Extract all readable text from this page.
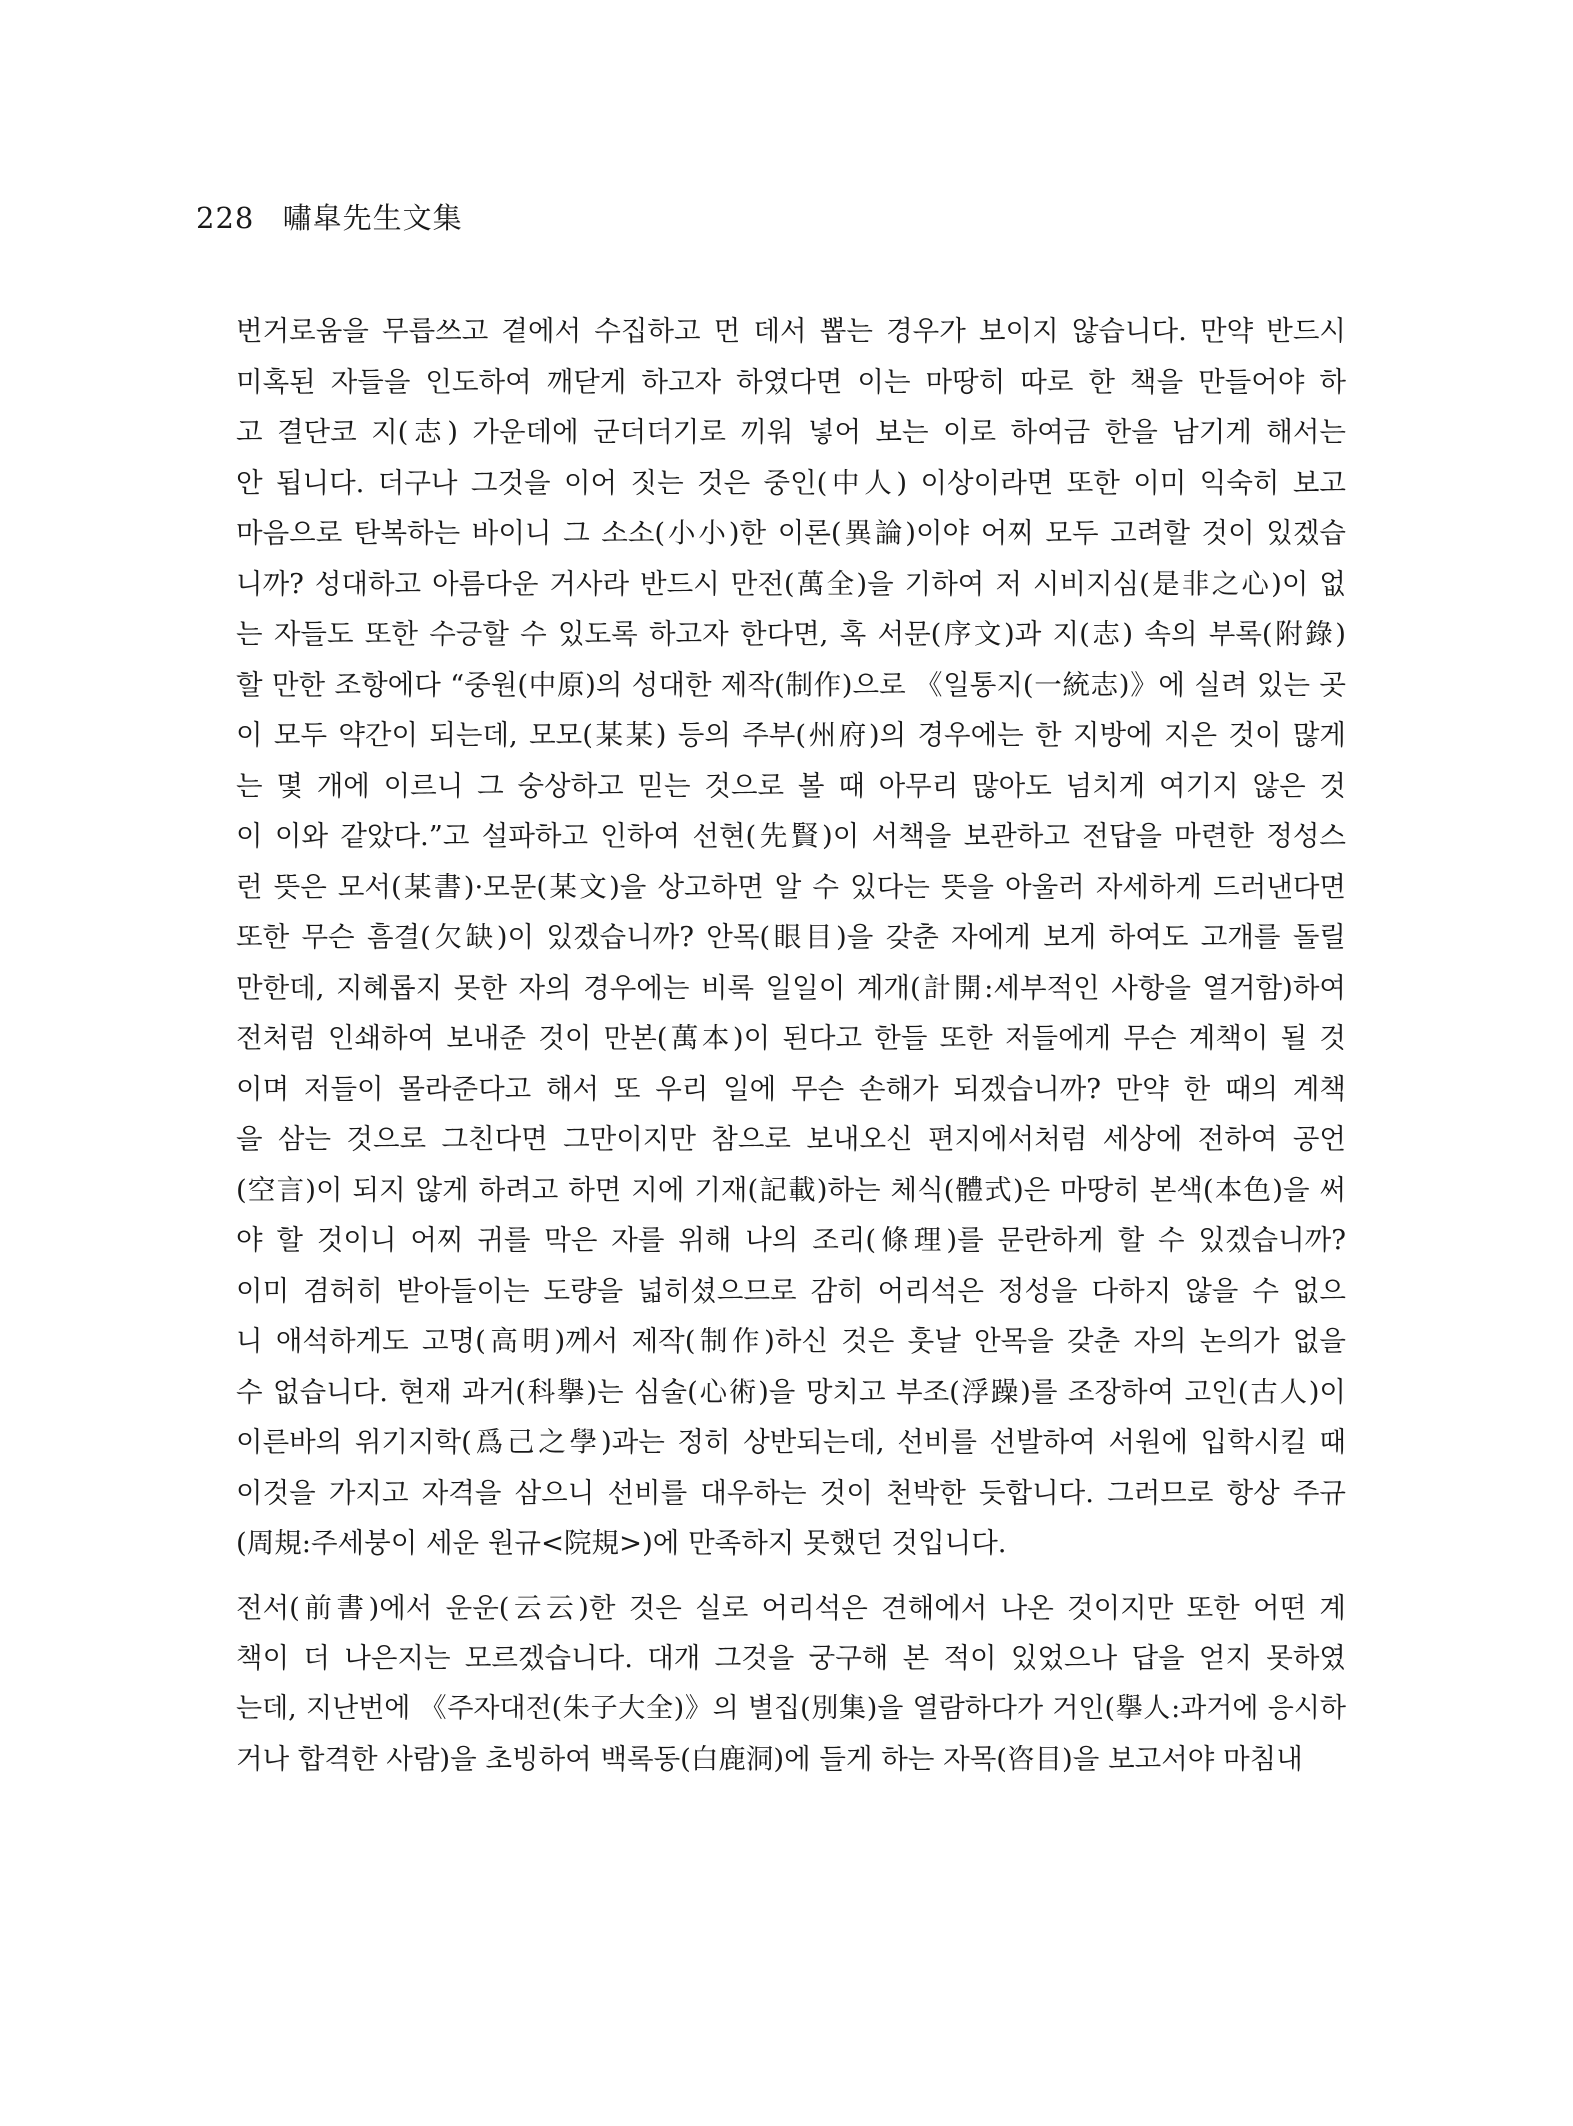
228 嘯皐先生文集
번거로움을 무릅쓰고 곁에서 수집하고 먼 데서 뽑는 경우가 보이지 않습니다. 만약 반드시
미혹된 자들을 인도하여 깨닫게 하고자 하였다면 이는 마땅히 따로 한 책을 만들어야 하
고 결단코 지(志) 가운데에 군더더기로 끼워 넣어 보는 이로 하여금 한을 남기게 해서는
안 됩니다. 더구나 그것을 이어 짓는 것은 중인(中人) 이상이라면 또한 이미 익숙히 보고
마음으로 탄복하는 바이니 그 소소(小小)한 이론(異論)이야 어찌 모두 고려할 것이 있겠습
니까? 성대하고 아름다운 거사라 반드시 만전(萬全)을 기하여 저 시비지심(是非之心)이 없
는 자들도 또한 수긍할 수 있도록 하고자 한다면, 혹 서문(序文)과 지(志) 속의 부록(附錄)
할 만한 조항에다 “중원(中原)의 성대한 제작(制作)으로 《일통지(一統志)》에 실려 있는 곳
이 모두 약간이 되는데, 모모(某某) 등의 주부(州府)의 경우에는 한 지방에 지은 것이 많게
는 몇 개에 이르니 그 숭상하고 믿는 것으로 볼 때 아무리 많아도 넘치게 여기지 않은 것
이 이와 같았다.”고 설파하고 인하여 선현(先賢)이 서책을 보관하고 전답을 마련한 정성스
런 뜻은 모서(某書)·모문(某文)을 상고하면 알 수 있다는 뜻을 아울러 자세하게 드러낸다면
또한 무슨 흠결(欠缺)이 있겠습니까? 안목(眼目)을 갖춘 자에게 보게 하여도 고개를 돌릴
만한데, 지혜롭지 못한 자의 경우에는 비록 일일이 계개(計開:세부적인 사항을 열거함)하여
전처럼 인쇄하여 보내준 것이 만본(萬本)이 된다고 한들 또한 저들에게 무슨 계책이 될 것
이며 저들이 몰라준다고 해서 또 우리 일에 무슨 손해가 되겠습니까? 만약 한 때의 계책
을 삼는 것으로 그친다면 그만이지만 참으로 보내오신 편지에서처럼 세상에 전하여 공언
(空言)이 되지 않게 하려고 하면 지에 기재(記載)하는 체식(體式)은 마땅히 본색(本色)을 써
야 할 것이니 어찌 귀를 막은 자를 위해 나의 조리(條理)를 문란하게 할 수 있겠습니까?
이미 겸허히 받아들이는 도량을 넓히셨으므로 감히 어리석은 정성을 다하지 않을 수 없으
니 애석하게도 고명(高明)께서 제작(制作)하신 것은 훗날 안목을 갖춘 자의 논의가 없을
수 없습니다. 현재 과거(科擧)는 심술(心術)을 망치고 부조(浮躁)를 조장하여 고인(古人)이
이른바의 위기지학(爲己之學)과는 정히 상반되는데, 선비를 선발하여 서원에 입학시킬 때
이것을 가지고 자격을 삼으니 선비를 대우하는 것이 천박한 듯합니다. 그러므로 항상 주규
(周規:주세붕이 세운 원규<院規>)에 만족하지 못했던 것입니다.
전서(前書)에서 운운(云云)한 것은 실로 어리석은 견해에서 나온 것이지만 또한 어떤 계
책이 더 나은지는 모르겠습니다. 대개 그것을 궁구해 본 적이 있었으나 답을 얻지 못하였
는데, 지난번에 《주자대전(朱子大全)》의 별집(別集)을 열람하다가 거인(擧人:과거에 응시하
거나 합격한 사람)을 초빙하여 백록동(白鹿洞)에 들게 하는 자목(咨目)을 보고서야 마침내
